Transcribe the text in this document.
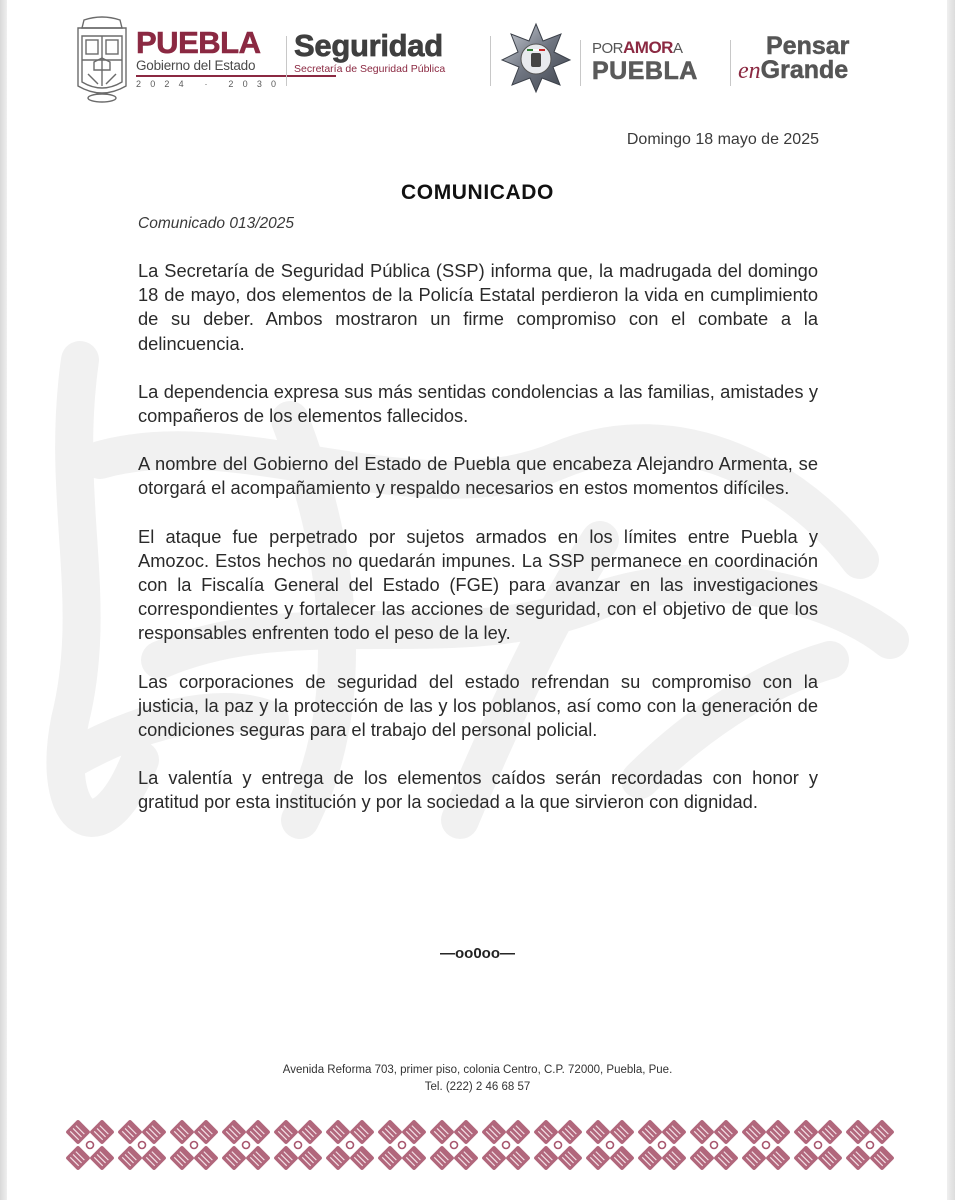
PUEBLA
Gobierno del Estado
2024 · 2030
Seguridad
Secretaría de Seguridad Pública
PORAMORA
PUEBLA
Pensar
enGrande
Domingo 18 mayo de 2025
COMUNICADO
Comunicado 013/2025

La Secretaría de Seguridad Pública (SSP) informa que, la madrugada del domingo 18 de mayo, dos elementos de la Policía Estatal perdieron la vida en cumplimiento de su deber. Ambos mostraron un firme compromiso con el combate a la delincuencia.

La dependencia expresa sus más sentidas condolencias a las familias, amistades y compañeros de los elementos fallecidos.

A nombre del Gobierno del Estado de Puebla que encabeza Alejandro Armenta, se otorgará el acompañamiento y respaldo necesarios en estos momentos difíciles.

El ataque fue perpetrado por sujetos armados en los límites entre Puebla y Amozoc. Estos hechos no quedarán impunes. La SSP permanece en coordinación con la Fiscalía General del Estado (FGE) para avanzar en las investigaciones correspondientes y fortalecer las acciones de seguridad, con el objetivo de que los responsables enfrenten todo el peso de la ley.

Las corporaciones de seguridad del estado refrendan su compromiso con la justicia, la paz y la protección de las y los poblanos, así como con la generación de condiciones seguras para el trabajo del personal policial.

La valentía y entrega de los elementos caídos serán recordadas con honor y gratitud por esta institución y por la sociedad a la que sirvieron con dignidad.

—oo0oo—
Avenida Reforma 703, primer piso, colonia Centro, C.P. 72000, Puebla, Pue.
Tel. (222) 2 46 68 57
